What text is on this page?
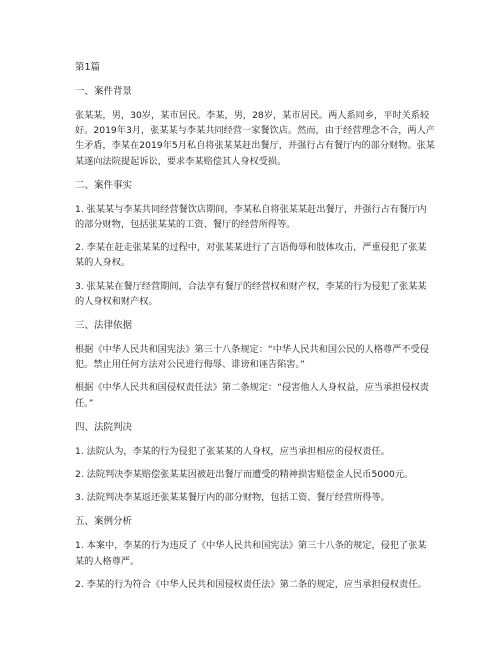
第1篇
一、案件背景
张某某，男，30岁，某市居民。李某，男，28岁，某市居民。两人系同乡，平时关系较好。2019年3月，张某某与李某共同经营一家餐饮店。然而，由于经营理念不合，两人产生矛盾，李某在2019年5月私自将张某某赶出餐厅，并强行占有餐厅内的部分财物。张某某遂向法院提起诉讼，要求李某赔偿其人身权受损。
二、案件事实
1. 张某某与李某共同经营餐饮店期间，李某私自将张某某赶出餐厅，并强行占有餐厅内的部分财物，包括张某某的工资、餐厅的经营所得等。
2. 李某在赶走张某某的过程中，对张某某进行了言语侮辱和肢体攻击，严重侵犯了张某某的人身权。
3. 张某某在餐厅经营期间，合法享有餐厅的经营权和财产权，李某的行为侵犯了张某某的人身权和财产权。
三、法律依据
根据《中华人民共和国宪法》第三十八条规定：“中华人民共和国公民的人格尊严不受侵犯。禁止用任何方法对公民进行侮辱、诽谤和诬告陷害。”
根据《中华人民共和国侵权责任法》第二条规定：“侵害他人人身权益，应当承担侵权责任。”
四、法院判决
1. 法院认为，李某的行为侵犯了张某某的人身权，应当承担相应的侵权责任。
2. 法院判决李某赔偿张某某因被赶出餐厅而遭受的精神损害赔偿金人民币5000元。
3. 法院判决李某返还张某某餐厅内的部分财物，包括工资、餐厅经营所得等。
五、案例分析
1. 本案中，李某的行为违反了《中华人民共和国宪法》第三十八条的规定，侵犯了张某某的人格尊严。
2. 李某的行为符合《中华人民共和国侵权责任法》第二条的规定，应当承担侵权责任。
